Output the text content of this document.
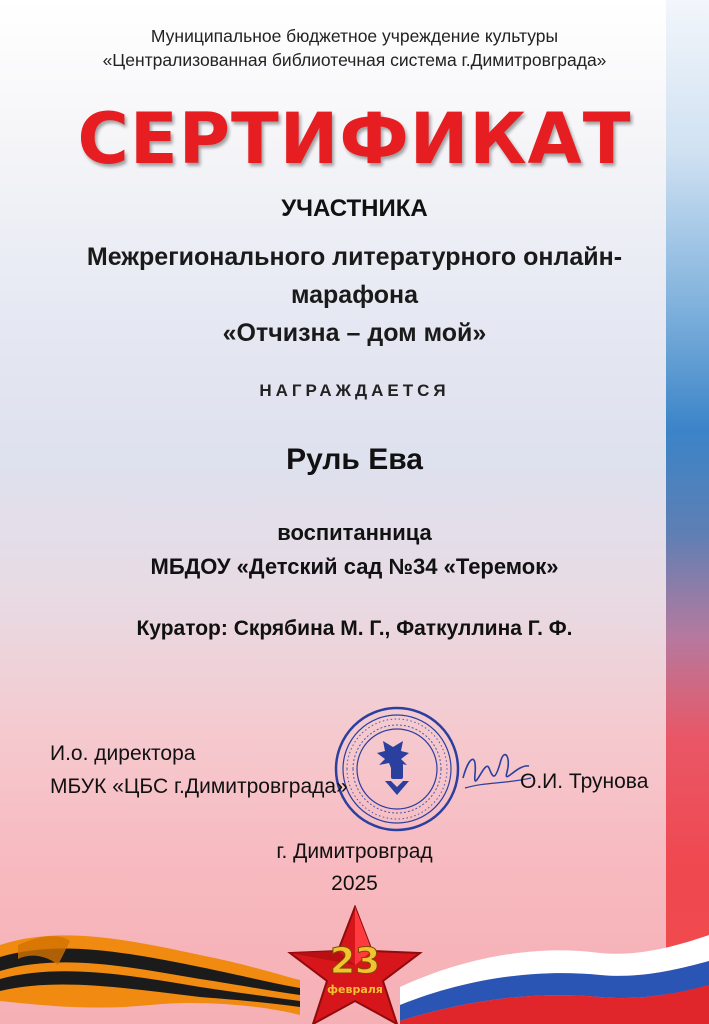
Муниципальное бюджетное учреждение культуры
«Централизованная библиотечная система г.Димитровграда»
СЕРТИФИКАТ
УЧАСТНИКА
Межрегионального литературного онлайн-
марафона
«Отчизна – дом мой»
НАГРАЖДАЕТСЯ
Руль Ева
воспитанница
МБДОУ «Детский сад №34 «Теремок»
Куратор: Скрябина М. Г., Фаткуллина Г. Ф.
И.о. директора
МБУК «ЦБС г.Димитровграда»	О.И. Трунова
г. Димитровград
2025
23
февраля
